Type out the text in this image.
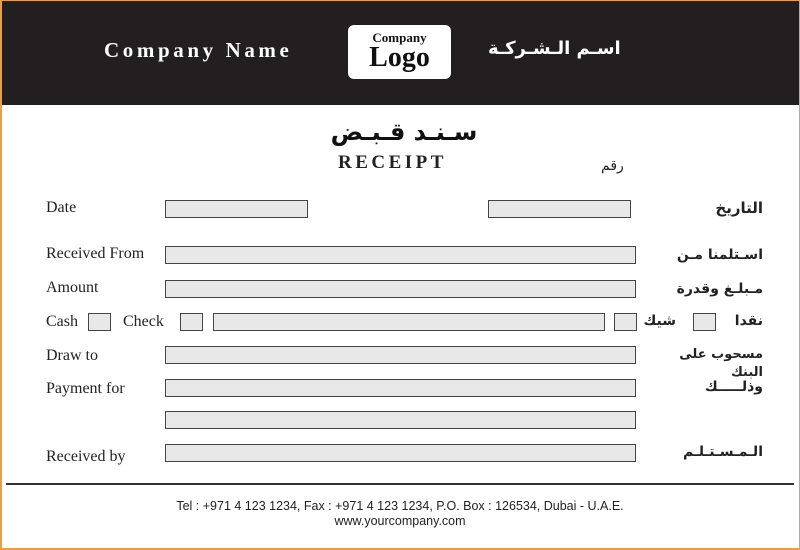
Company Name
Company
Logo	اسـم الـشـركـة
سـنـد قـبـض
RECEIPT	رقم
Date	التاريخ
Received From	اسـتلمنا مـن
Amount	مـبلـغ وقدرة
Cash	Check	شيك	نقدا
Draw to	مسحوب على البنك
Payment for	وذلـــــك
Received by	الـمـسـتـلـم
Tel : +971 4 123 1234, Fax : +971 4 123 1234, P.O. Box : 126534, Dubai - U.A.E.
www.yourcompany.com
